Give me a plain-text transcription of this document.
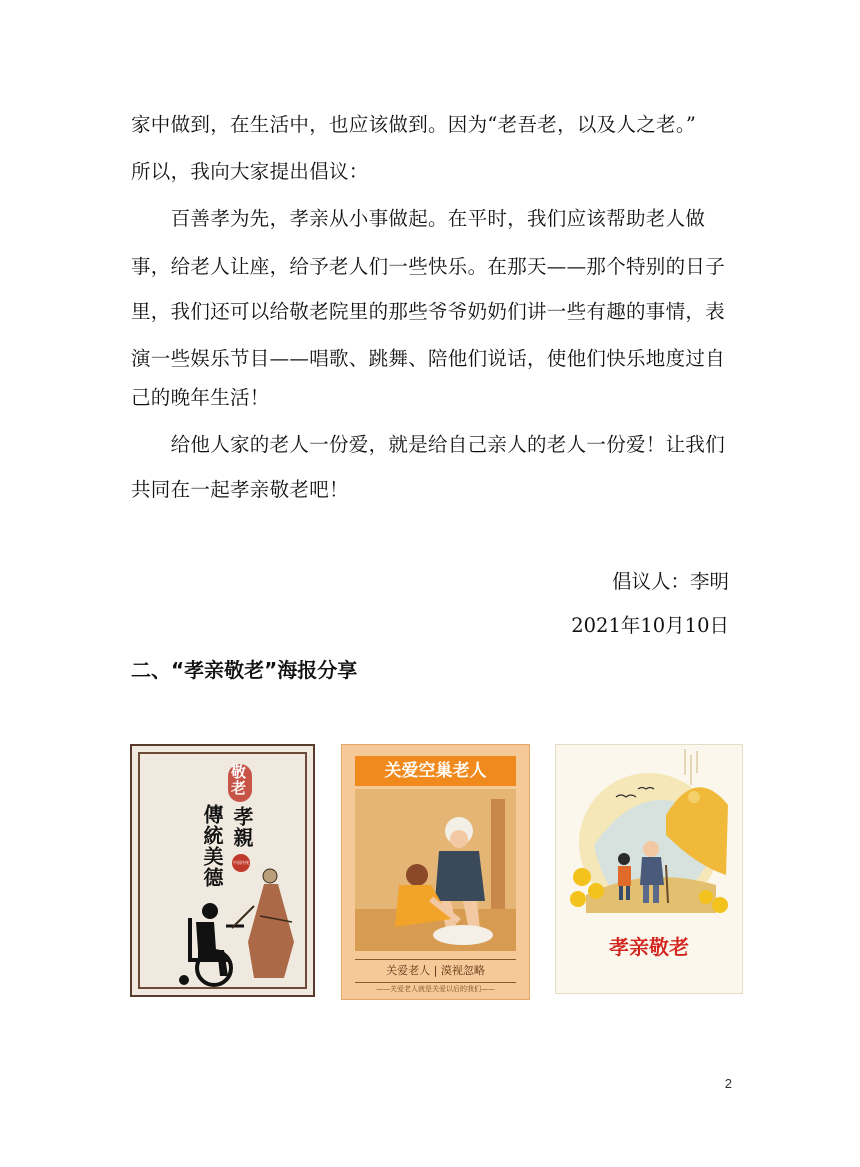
家中做到，在生活中，也应该做到。因为“老吾老，以及人之老。”
所以，我向大家提出倡议：
　　百善孝为先，孝亲从小事做起。在平时，我们应该帮助老人做
事，给老人让座，给予老人们一些快乐。在那天——那个特别的日子
里，我们还可以给敬老院里的那些爷爷奶奶们讲一些有趣的事情，表
演一些娱乐节目——唱歌、跳舞、陪他们说话，使他们快乐地度过自
己的晚年生活！
　　给他人家的老人一份爱，就是给自己亲人的老人一份爱！让我们
共同在一起孝亲敬老吧！
倡议人：李明
2021年10月10日
二、“孝亲敬老”海报分享
敬老
孝親
傳統美德	中国传统
关爱空巢老人
关爱老人 | 漠视忽略
——关爱老人就是关爱以后的我们——
孝亲敬老
2
